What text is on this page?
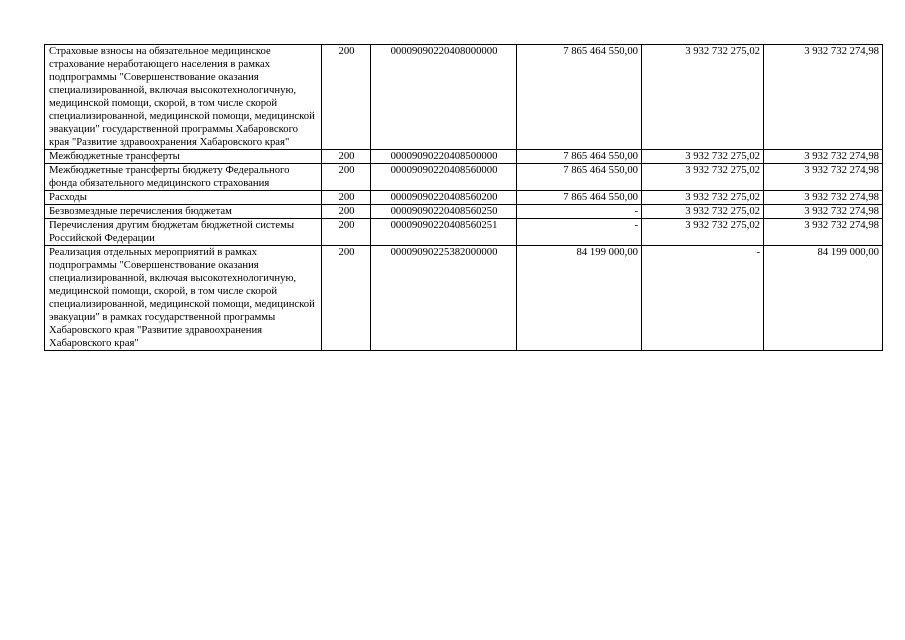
Страховые взносы на обязательное медицинское страхование неработающего населения в рамках подпрограммы "Совершенствование оказания специализированной, включая высокотехнологичную, медицинской помощи, скорой, в том числе скорой специализированной, медицинской помощи, медицинской эвакуации" государственной программы Хабаровского края "Развитие здравоохранения Хабаровского края"	200	00009090220408000000	7 865 464 550,00	3 932 732 275,02	3 932 732 274,98
Межбюджетные трансферты	200	00009090220408500000	7 865 464 550,00	3 932 732 275,02	3 932 732 274,98
Межбюджетные трансферты бюджету Федерального фонда обязательного медицинского страхования	200	00009090220408560000	7 865 464 550,00	3 932 732 275,02	3 932 732 274,98
Расходы	200	00009090220408560200	7 865 464 550,00	3 932 732 275,02	3 932 732 274,98
Безвозмездные перечисления бюджетам	200	00009090220408560250	-	3 932 732 275,02	3 932 732 274,98
Перечисления другим бюджетам бюджетной системы Российской Федерации	200	00009090220408560251	-	3 932 732 275,02	3 932 732 274,98
Реализация отдельных мероприятий в рамках подпрограммы "Совершенствование оказания специализированной, включая высокотехнологичную, медицинской помощи, скорой, в том числе скорой специализированной, медицинской помощи, медицинской эвакуации" в рамках государственной программы Хабаровского края "Развитие здравоохранения Хабаровского края"	200	00009090225382000000	84 199 000,00	-	84 199 000,00
